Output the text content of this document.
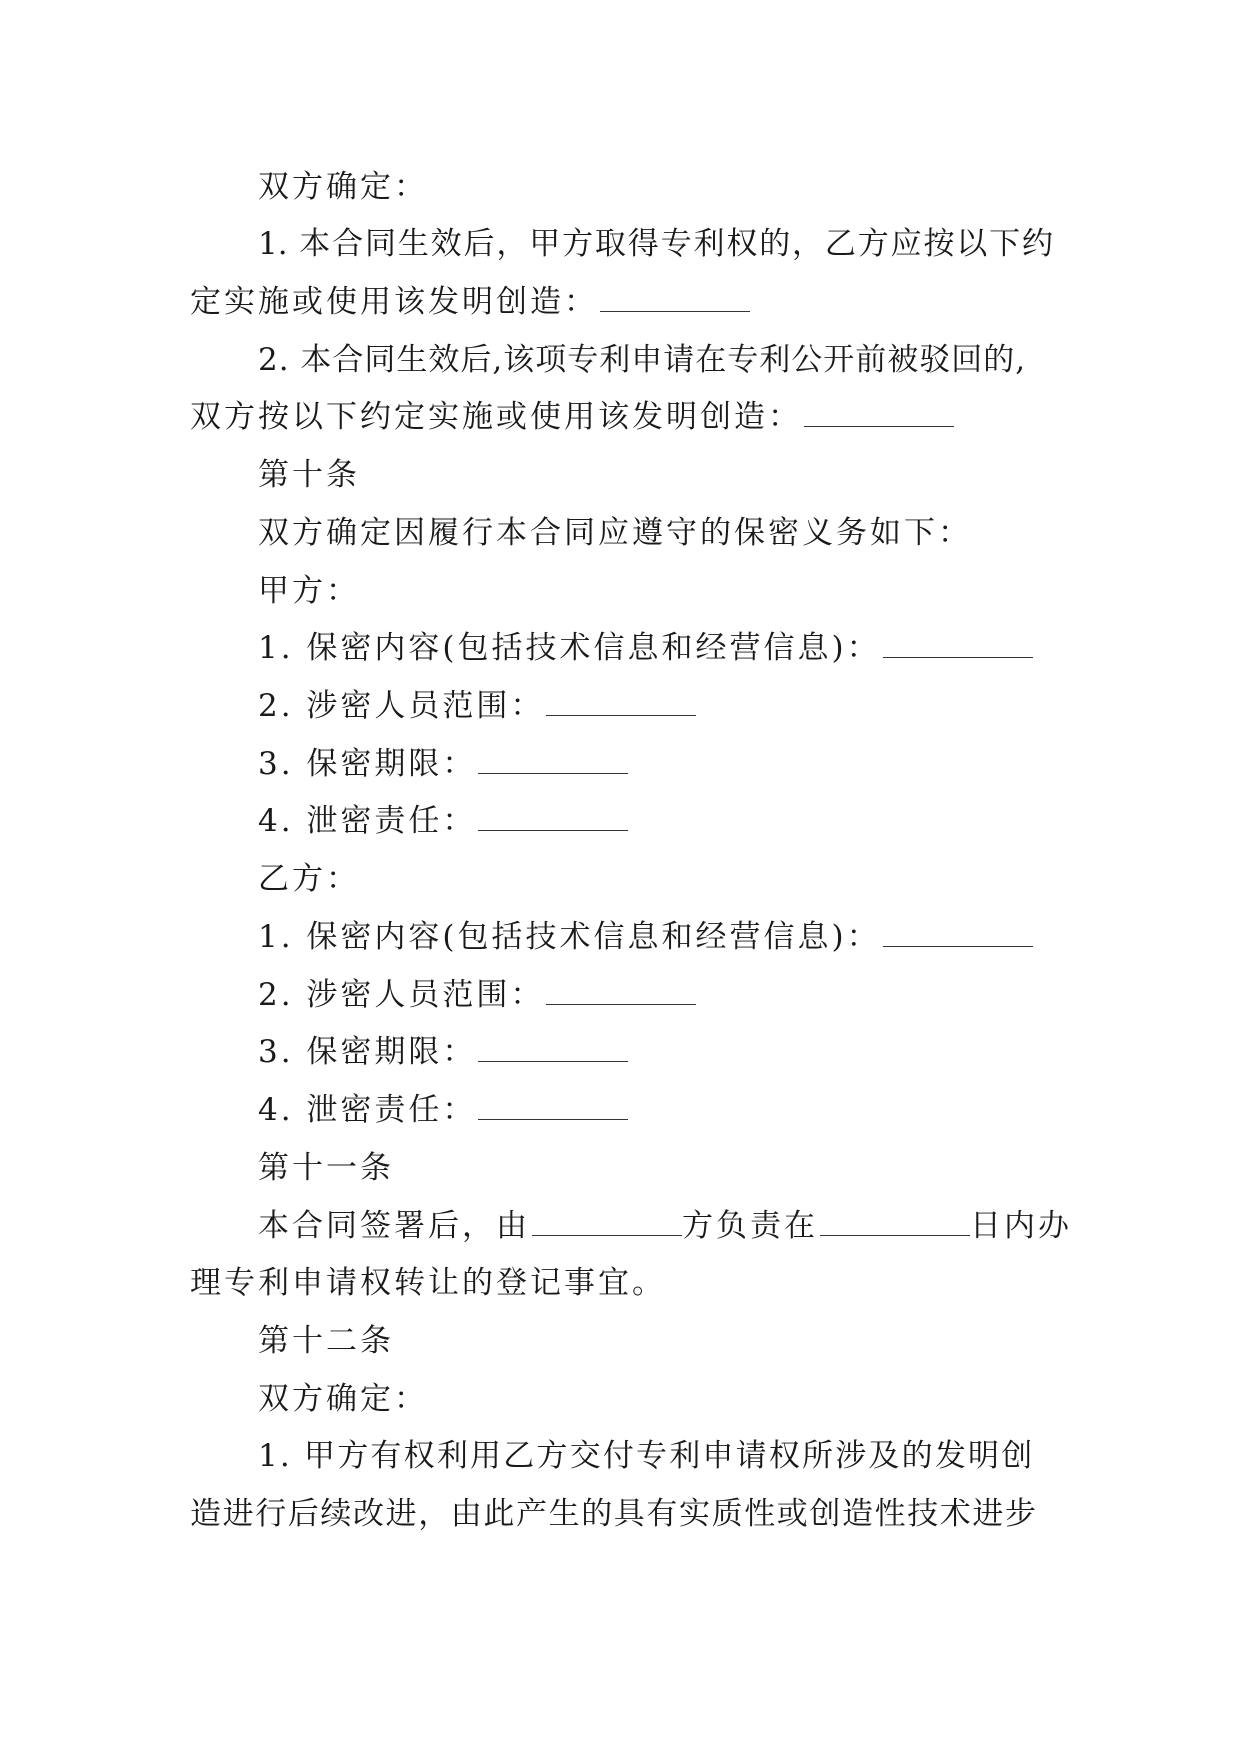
双方确定：
1. 本合同生效后，甲方取得专利权的，乙方应按以下约
定实施或使用该发明创造：
2. 本合同生效后,该项专利申请在专利公开前被驳回的,
双方按以下约定实施或使用该发明创造：
第十条
双方确定因履行本合同应遵守的保密义务如下：
甲方：
1. 保密内容(包括技术信息和经营信息)：
2. 涉密人员范围：
3. 保密期限：
4. 泄密责任：
乙方：
1. 保密内容(包括技术信息和经营信息)：
2. 涉密人员范围：
3. 保密期限：
4. 泄密责任：
第十一条
本合同签署后，由	方负责在	日内办
理专利申请权转让的登记事宜。
第十二条
双方确定：
1. 甲方有权利用乙方交付专利申请权所涉及的发明创
造进行后续改进，由此产生的具有实质性或创造性技术进步
